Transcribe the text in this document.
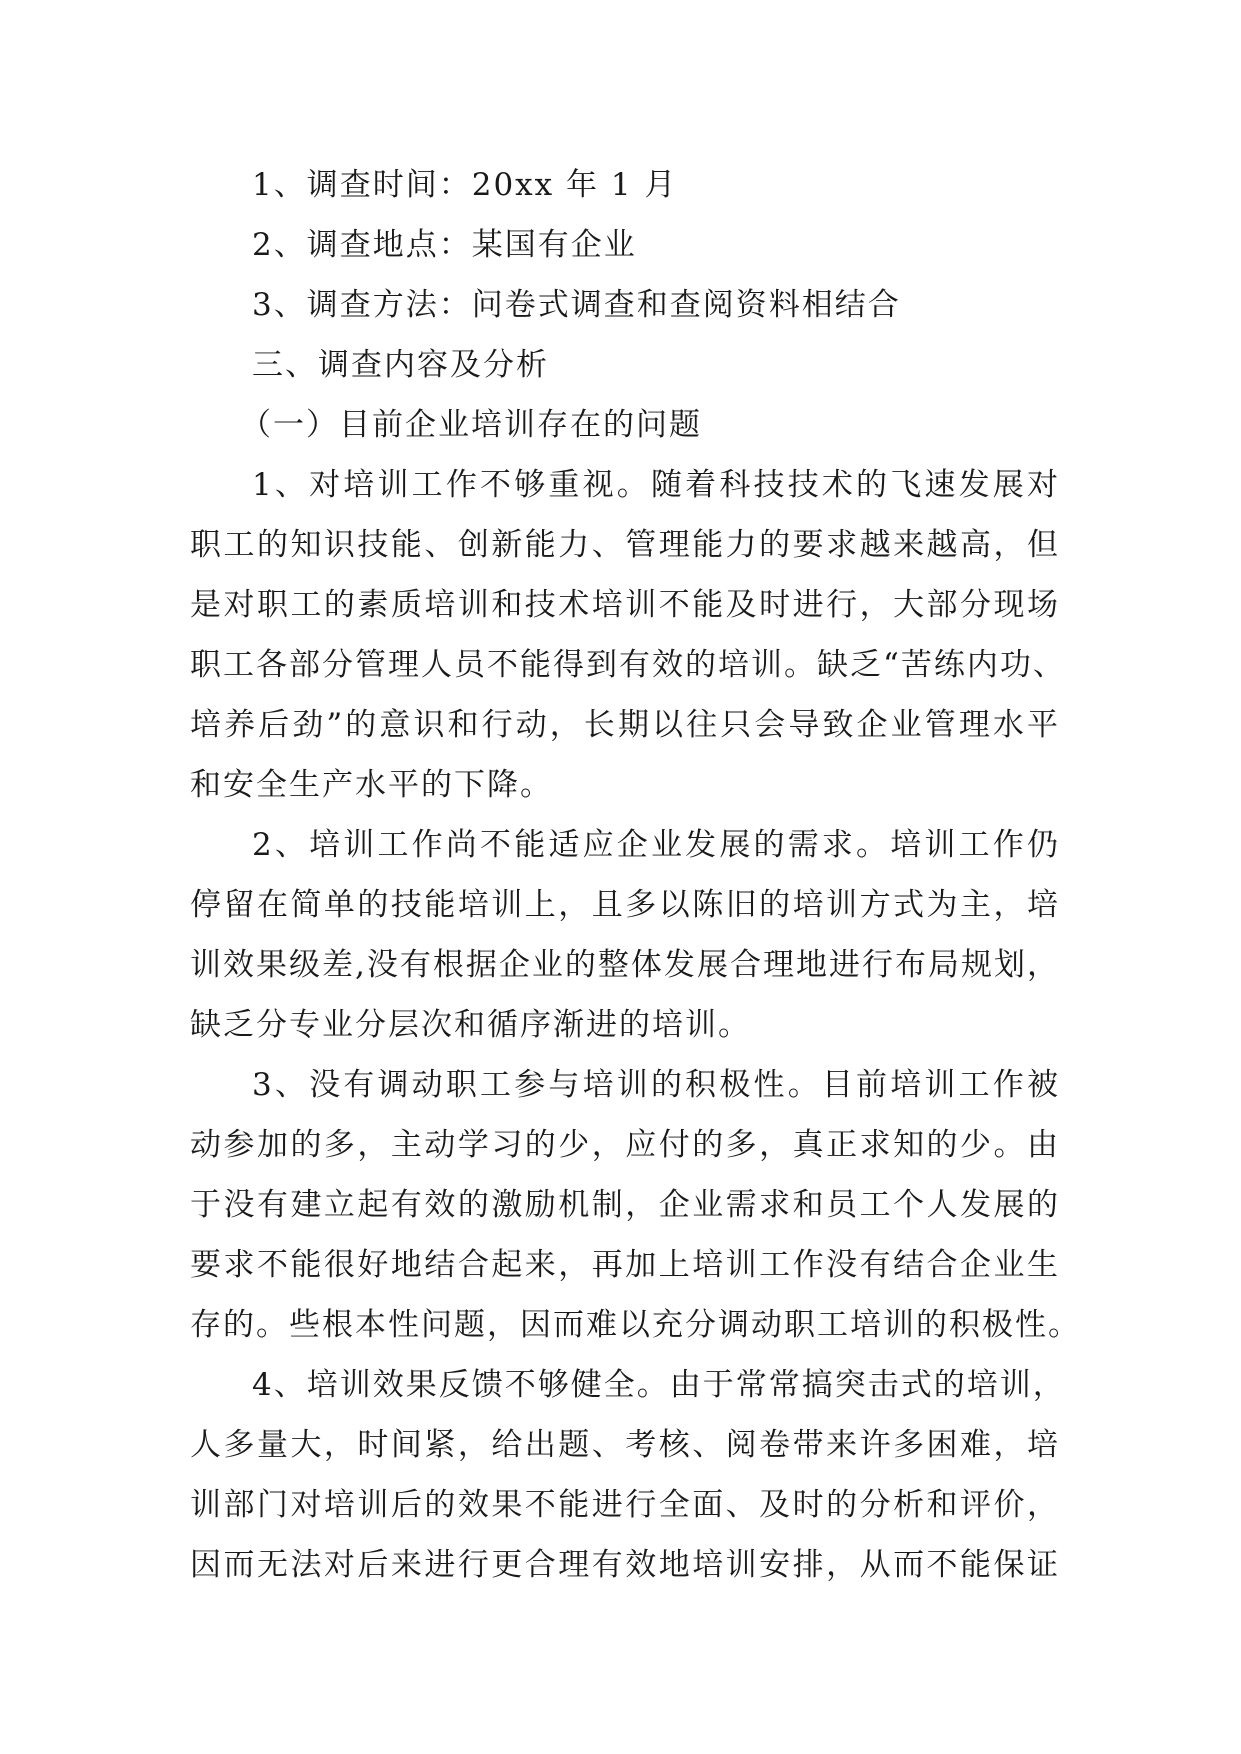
1、调查时间：20xx 年 1 月
2、调查地点：某国有企业
3、调查方法：问卷式调查和查阅资料相结合
三、调查内容及分析
（一）目前企业培训存在的问题
1、对培训工作不够重视。随着科技技术的飞速发展对
职工的知识技能、创新能力、管理能力的要求越来越高，但
是对职工的素质培训和技术培训不能及时进行，大部分现场
职工各部分管理人员不能得到有效的培训。缺乏“苦练内功、
培养后劲”的意识和行动，长期以往只会导致企业管理水平
和安全生产水平的下降。
2、培训工作尚不能适应企业发展的需求。培训工作仍
停留在简单的技能培训上，且多以陈旧的培训方式为主，培
训效果级差,没有根据企业的整体发展合理地进行布局规划，
缺乏分专业分层次和循序渐进的培训。
3、没有调动职工参与培训的积极性。目前培训工作被
动参加的多，主动学习的少，应付的多，真正求知的少。由
于没有建立起有效的激励机制，企业需求和员工个人发展的
要求不能很好地结合起来，再加上培训工作没有结合企业生
存的。些根本性问题，因而难以充分调动职工培训的积极性。
4、培训效果反馈不够健全。由于常常搞突击式的培训，
人多量大，时间紧，给出题、考核、阅卷带来许多困难，培
训部门对培训后的效果不能进行全面、及时的分析和评价，
因而无法对后来进行更合理有效地培训安排，从而不能保证
